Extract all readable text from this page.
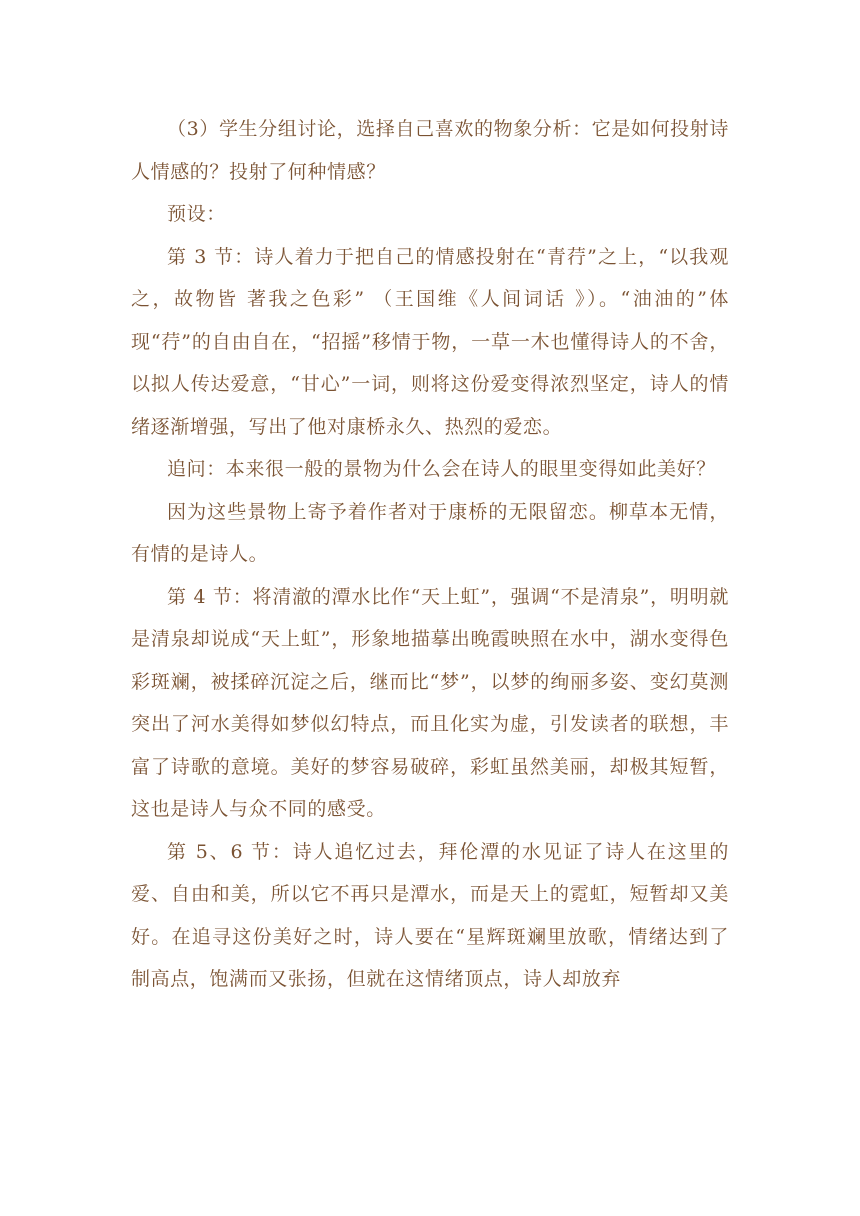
（3）学生分组讨论，选择自己喜欢的物象分析：它是如何投射诗人情感的？投射了何种情感？

预设：

第 3 节：诗人着力于把自己的情感投射在“青荇”之上，“以我观之，故物皆 著我之色彩” （王国维《人间词话 》）。“油油的”体现“荇”的自由自在，“招摇”移情于物，一草一木也懂得诗人的不舍，以拟人传达爱意，“甘心”一词，则将这份爱变得浓烈坚定，诗人的情绪逐渐增强，写出了他对康桥永久、热烈的爱恋。

追问：本来很一般的景物为什么会在诗人的眼里变得如此美好？

因为这些景物上寄予着作者对于康桥的无限留恋。柳草本无情，有情的是诗人。

第 4 节：将清澈的潭水比作“天上虹”，强调“不是清泉”，明明就是清泉却说成“天上虹”，形象地描摹出晚霞映照在水中，湖水变得色彩斑斓，被揉碎沉淀之后，继而比“梦”，以梦的绚丽多姿、变幻莫测突出了河水美得如梦似幻特点，而且化实为虚，引发读者的联想，丰富了诗歌的意境。美好的梦容易破碎，彩虹虽然美丽，却极其短暂，这也是诗人与众不同的感受。

第 5、6 节：诗人追忆过去，拜伦潭的水见证了诗人在这里的爱、自由和美，所以它不再只是潭水，而是天上的霓虹，短暂却又美好。在追寻这份美好之时，诗人要在“星辉斑斓里放歌，情绪达到了制高点，饱满而又张扬，但就在这情绪顶点，诗人却放弃
